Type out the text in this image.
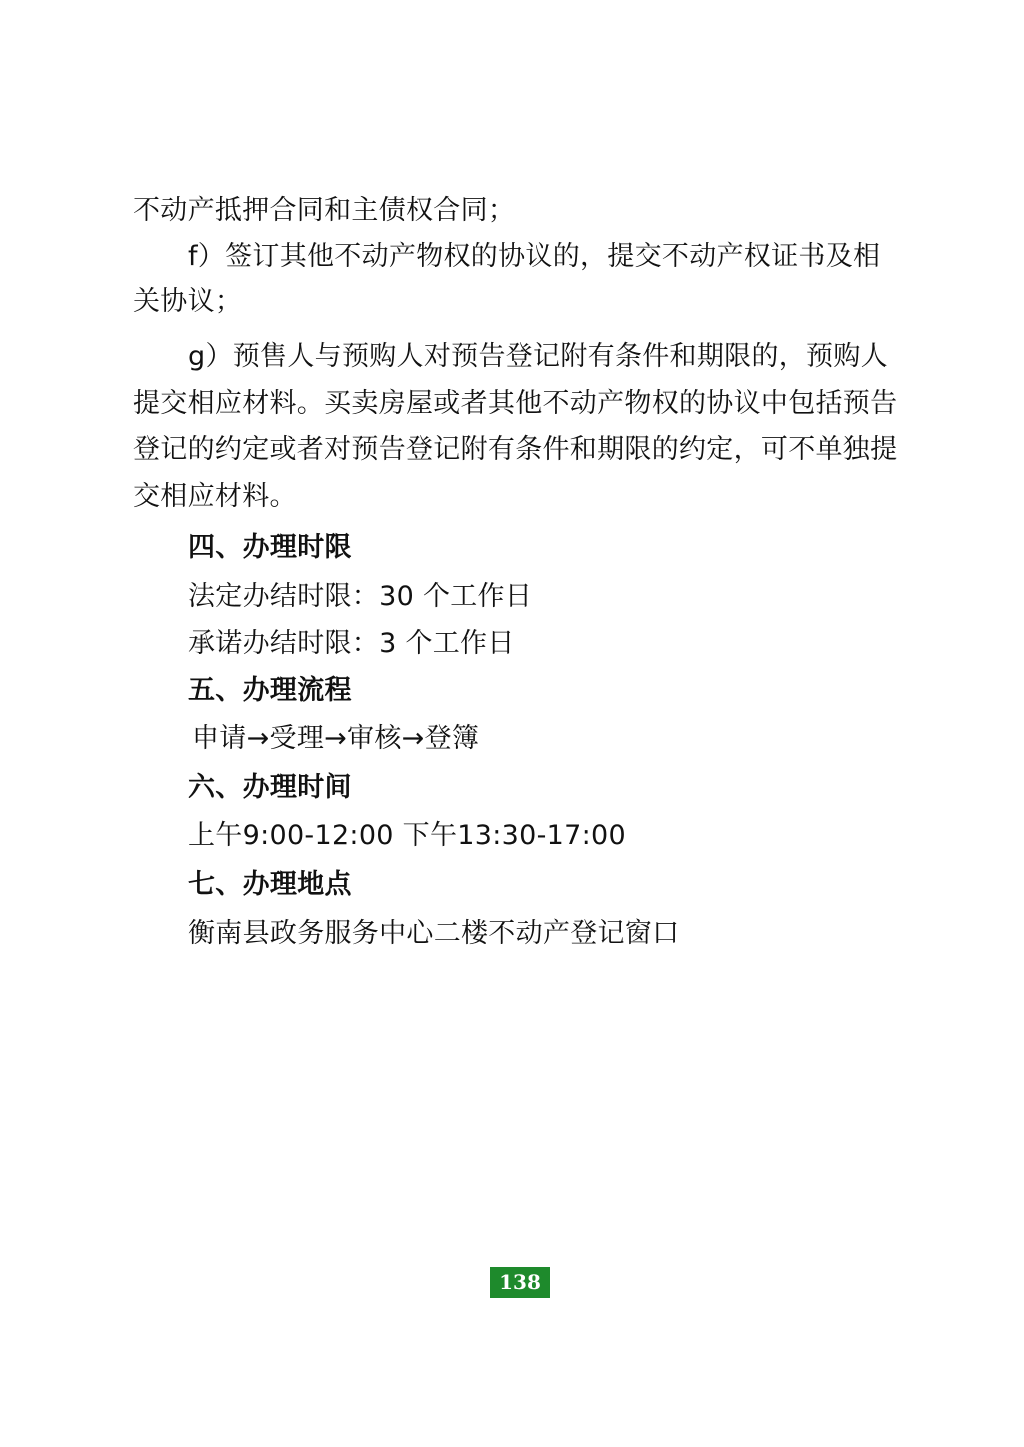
不动产抵押合同和主债权合同；
f）签订其他不动产物权的协议的，提交不动产权证书及相
关协议；
g）预售人与预购人对预告登记附有条件和期限的，预购人
提交相应材料。买卖房屋或者其他不动产物权的协议中包括预告
登记的约定或者对预告登记附有条件和期限的约定，可不单独提
交相应材料。
四、办理时限
法定办结时限：30 个工作日
承诺办结时限：3 个工作日
五、办理流程
申请→受理→审核→登簿
六、办理时间
上午9:00-12:00 下午13:30-17:00
七、办理地点
衡南县政务服务中心二楼不动产登记窗口
138
